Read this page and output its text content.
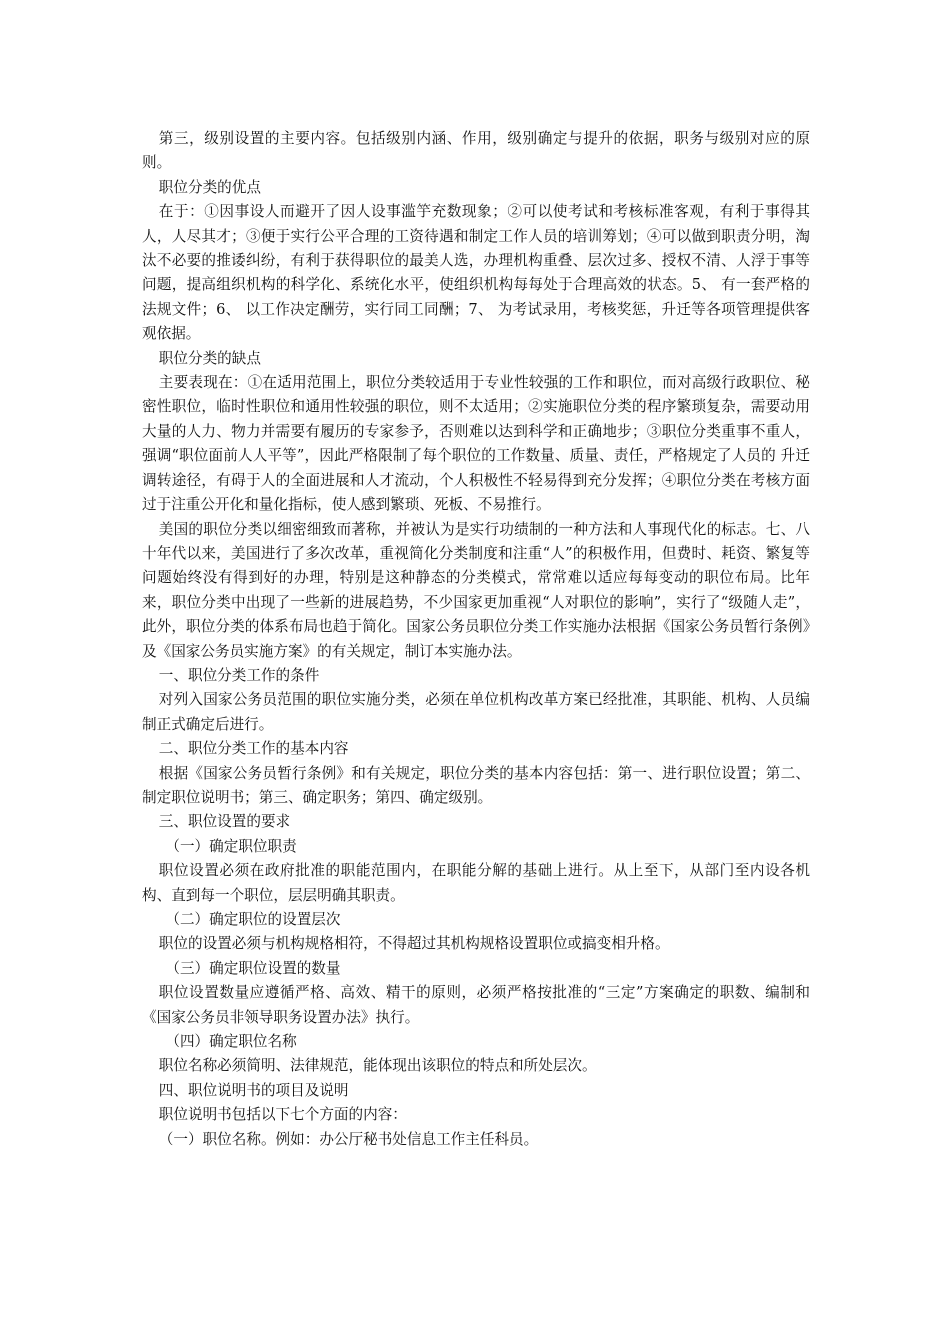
第三，级别设置的主要内容。包括级别内涵、作用，级别确定与提升的依据，职务与级别对应的原则。

职位分类的优点

在于：①因事设人而避开了因人设事滥竽充数现象；②可以使考试和考核标准客观，有利于事得其人，人尽其才；③便于实行公平合理的工资待遇和制定工作人员的培训筹划；④可以做到职责分明，淘汰不必要的推诿纠纷，有利于获得职位的最美人选，办理机构重叠、层次过多、授权不清、人浮于事等问题，提高组织机构的科学化、系统化水平，使组织机构每每处于合理高效的状态。5、 有一套严格的法规文件；6、 以工作决定酬劳，实行同工同酬；7、 为考试录用，考核奖惩，升迁等各项管理提供客观依据。

职位分类的缺点

主要表现在：①在适用范围上，职位分类较适用于专业性较强的工作和职位，而对高级行政职位、秘密性职位，临时性职位和通用性较强的职位，则不太适用；②实施职位分类的程序繁琐复杂，需要动用大量的人力、物力并需要有履历的专家参予，否则难以达到科学和正确地步；③职位分类重事不重人，强调“职位面前人人平等”，因此严格限制了每个职位的工作数量、质量、责任，严格规定了人员的 升迁调转途径，有碍于人的全面进展和人才流动，个人积极性不轻易得到充分发挥；④职位分类在考核方面过于注重公开化和量化指标，使人感到繁琐、死板、不易推行。

美国的职位分类以细密细致而著称，并被认为是实行功绩制的一种方法和人事现代化的标志。七、八十年代以来，美国进行了多次改革，重视简化分类制度和注重“人”的积极作用，但费时、耗资、繁复等问题始终没有得到好的办理，特别是这种静态的分类模式，常常难以适应每每变动的职位布局。比年来，职位分类中出现了一些新的进展趋势，不少国家更加重视“人对职位的影响”，实行了“级随人走”，此外，职位分类的体系布局也趋于简化。国家公务员职位分类工作实施办法根据《国家公务员暂行条例》及《国家公务员实施方案》的有关规定，制订本实施办法。

一、职位分类工作的条件

对列入国家公务员范围的职位实施分类，必须在单位机构改革方案已经批准，其职能、机构、人员编制正式确定后进行。

二、职位分类工作的基本内容

根据《国家公务员暂行条例》和有关规定，职位分类的基本内容包括：第一、进行职位设置；第二、制定职位说明书；第三、确定职务；第四、确定级别。

三、职位设置的要求

（一）确定职位职责

职位设置必须在政府批准的职能范围内，在职能分解的基础上进行。从上至下，从部门至内设各机构、直到每一个职位，层层明确其职责。

（二）确定职位的设置层次

职位的设置必须与机构规格相符，不得超过其机构规格设置职位或搞变相升格。

（三）确定职位设置的数量

职位设置数量应遵循严格、高效、精干的原则，必须严格按批准的“三定”方案确定的职数、编制和《国家公务员非领导职务设置办法》执行。

（四）确定职位名称

职位名称必须简明、法律规范，能体现出该职位的特点和所处层次。

四、职位说明书的项目及说明

职位说明书包括以下七个方面的内容：

（一）职位名称。例如：办公厅秘书处信息工作主任科员。
